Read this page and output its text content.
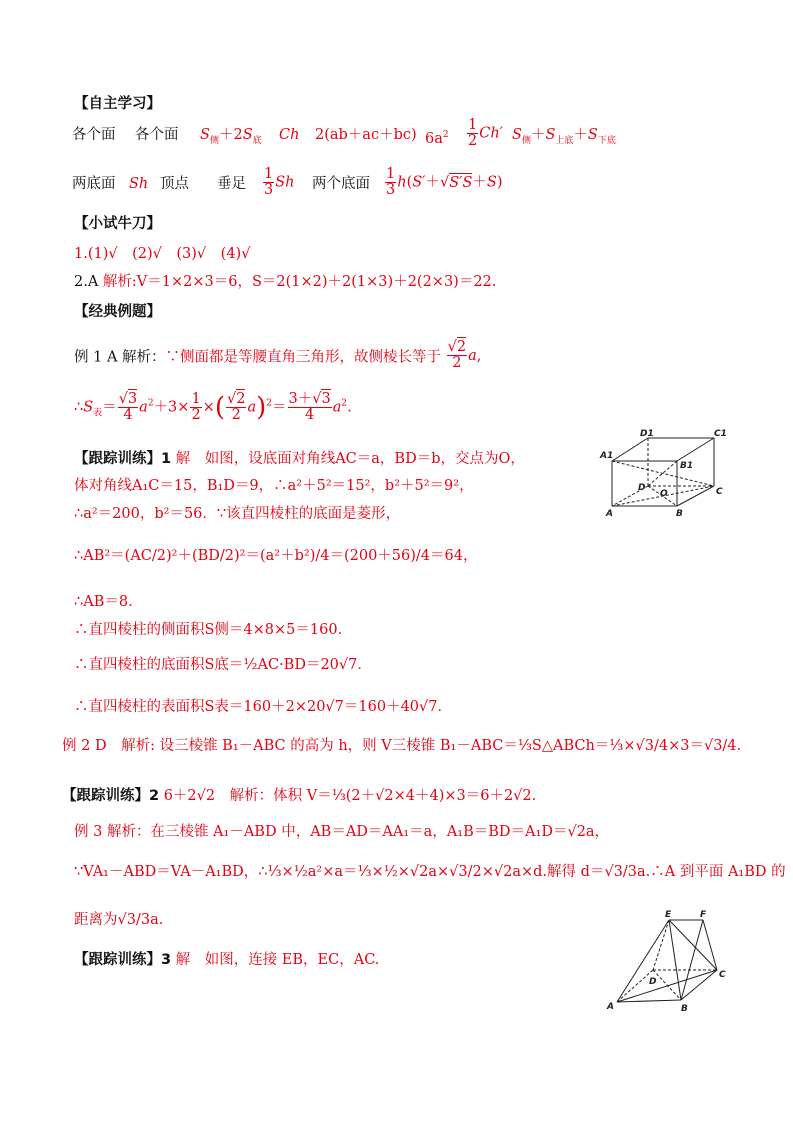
【自主学习】
各个面 各个面 $S_侧+2S_底$ Ch 2(ab＋ac＋bc) $6a^2 \frac{1}{2} Ch'$ $S_侧+S_{上底}+S_{下底}$
两底面 Sh 顶点 垂足 $\frac{1}{3}$ Sh 两个底面 $\frac{1}{3} h(S'+√S'S+S)$
【小试牛刀】
1.(1)√　(2)√　(3)√　(4)√
2.A 解析:V＝1×2×3＝6，S＝2(1×2)＋2(1×3)＋2(2×3)＝22.
【经典例题】
例 1 A 解析：∵侧面都是等腰直角三角形，故侧棱长等于 $\frac{√2}{2} a$,
$\therefore S_表= \frac{√3}{4} a^2+3\times \frac{1}{2}$ ×( $\frac{√2}{2} a)^2= \frac{3+√3}{4} a^2$.
【跟踪训练】1 解　如图，设底面对角线AC＝a，BD＝b，交点为O，
体对角线A₁C＝15，B₁D＝9，∴a²＋5²＝15²，b²＋5²＝9²，
∴a²＝200，b²＝56．∵该直四棱柱的底面是菱形，
∴AB²＝(AC/2)²＋(BD/2)²＝(a²＋b²)/4＝(200＋56)/4＝64，
∴AB＝8．
∴直四棱柱的侧面积S侧＝4×8×5＝160．
∴直四棱柱的底面积S底＝½AC·BD＝20√7．
∴直四棱柱的表面积S表＝160＋2×20√7＝160＋40√7．
例 2 D　解析: 设三棱锥 B₁－ABC 的高为 h，则 V三棱锥 B₁－ABC＝⅓S△ABCh＝⅓×√3/4×3＝√3/4.
【跟踪训练】2 6＋2√2　解析：体积 V＝⅓(2＋√2×4＋4)×3＝6＋2√2.
例 3 解析：在三棱锥 A₁－ABD 中，AB＝AD＝AA₁＝a，A₁B＝BD＝A₁D＝√2a，
∵VA₁－ABD＝VA－A₁BD，∴⅓×½a²×a＝⅓×½×√2a×√3/2×√2a×d.解得 d＝√3/3a.∴A 到平面 A₁BD 的
距离为√3/3a.
【跟踪训练】3 解　如图，连接 EB，EC，AC.
D1	C1
A1
B1
D
O	C
A	B
E	F
D
C
A	B
